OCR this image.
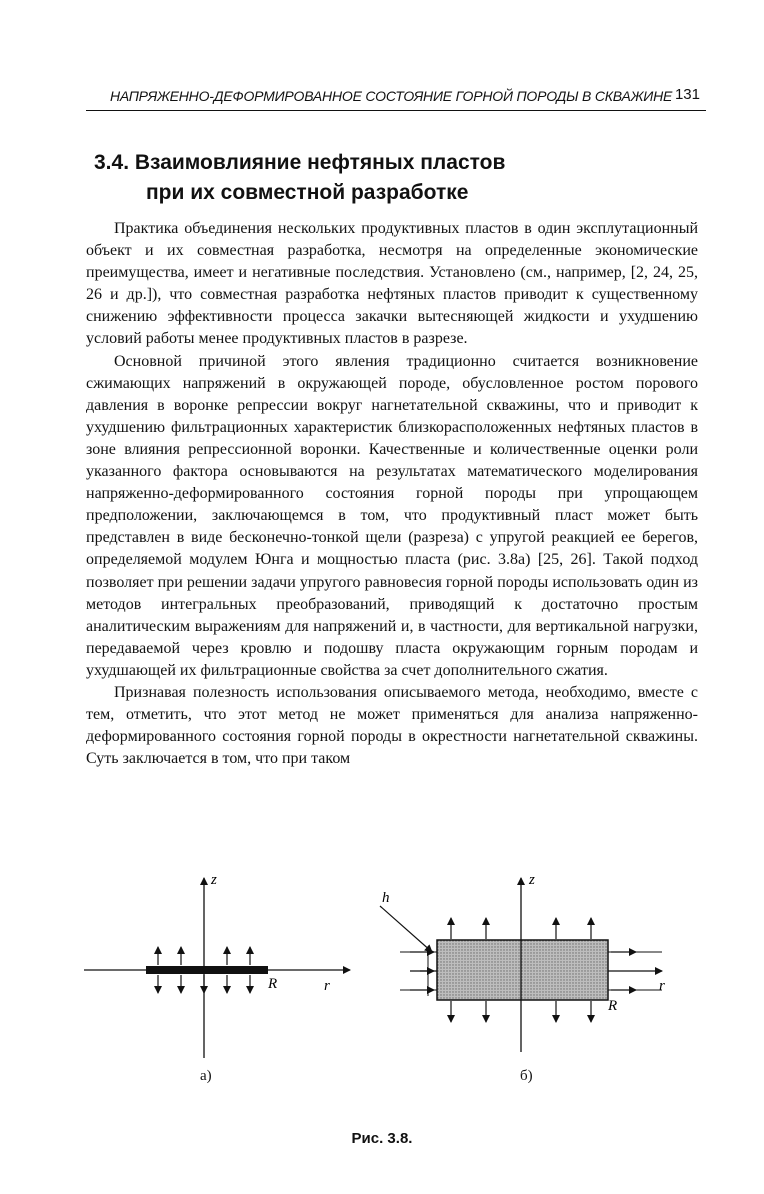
НАПРЯЖЕННО-ДЕФОРМИРОВАННОЕ СОСТОЯНИЕ ГОРНОЙ ПОРОДЫ В СКВАЖИНЕ 131
3.4. Взаимовлияние нефтяных пластов
при их совместной разработке

Практика объединения нескольких продуктивных пластов в один эксплутационный объект и их совместная разработка, несмотря на определенные экономические преимущества, имеет и негативные последствия. Установлено (см., например, [2, 24, 25, 26 и др.]), что совместная разработка нефтяных пластов приводит к существенному снижению эффективности процесса закачки вытесняющей жидкости и ухудшению условий работы менее продуктивных пластов в разрезе.

Основной причиной этого явления традиционно считается возникновение сжимающих напряжений в окружающей породе, обусловленное ростом порового давления в воронке репрессии вокруг нагнетательной скважины, что и приводит к ухудшению фильтрационных характеристик близкорасположенных нефтяных пластов в зоне влияния репрессионной воронки. Качественные и количественные оценки роли указанного фактора основываются на результатах математического моделирования напряженно-деформированного состояния горной породы при упрощающем предположении, заключающемся в том, что продуктивный пласт может быть представлен в виде бесконечно-тонкой щели (разреза) с упругой реакцией ее берегов, определяемой модулем Юнга и мощностью пласта (рис. 3.8а) [25, 26]. Такой подход позволяет при решении задачи упругого равновесия горной породы использовать один из методов интегральных преобразований, приводящий к достаточно простым аналитическим выражениям для напряжений и, в частности, для вертикальной нагрузки, передаваемой через кровлю и подошву пласта окружающим горным породам и ухудшающей их фильтрационные свойства за счет дополнительного сжатия.

Признавая полезность использования описываемого метода, необходимо, вместе с тем, отметить, что этот метод не может применяться для анализа напряженно-деформированного состояния горной породы в окрестности нагнетательной скважины. Суть заключается в том, что при таком

z
r
R
z
h
r
R
а)	б)
Рис. 3.8.
